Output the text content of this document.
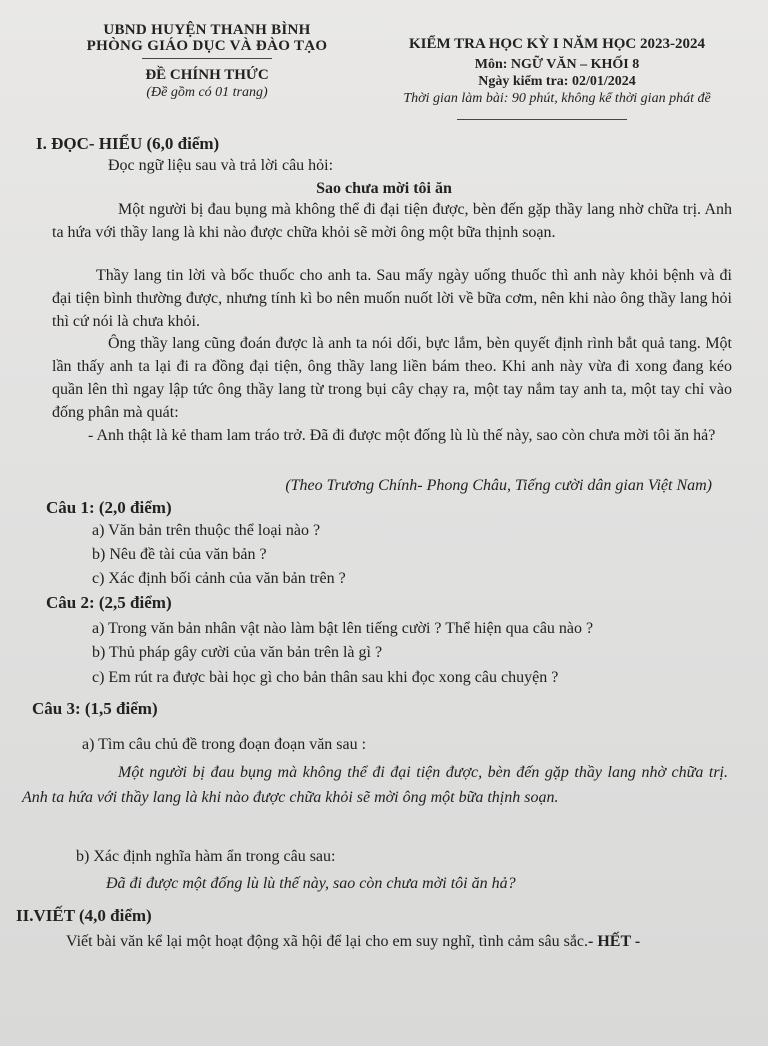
UBND HUYỆN THANH BÌNH
PHÒNG GIÁO DỤC VÀ ĐÀO TẠO
ĐỀ CHÍNH THỨC
(Đề gồm có 01 trang)
KIỂM TRA HỌC KỲ I NĂM HỌC 2023-2024
Môn: NGỮ VĂN – KHỐI 8
Ngày kiểm tra: 02/01/2024
Thời gian làm bài: 90 phút, không kể thời gian phát đề
I. ĐỌC- HIỂU (6,0 điểm)
Đọc ngữ liệu sau và trả lời câu hỏi:
Sao chưa mời tôi ăn
Một người bị đau bụng mà không thể đi đại tiện được, bèn đến gặp thầy lang nhờ chữa trị. Anh ta hứa với thầy lang là khi nào được chữa khỏi sẽ mời ông một bữa thịnh soạn.
Thầy lang tin lời và bốc thuốc cho anh ta. Sau mấy ngày uống thuốc thì anh này khỏi bệnh và đi đại tiện bình thường được, nhưng tính kì bo nên muốn nuốt lời về bữa cơm, nên khi nào ông thầy lang hỏi thì cứ nói là chưa khỏi.
Ông thầy lang cũng đoán được là anh ta nói dối, bực lắm, bèn quyết định rình bắt quả tang. Một lần thấy anh ta lại đi ra đồng đại tiện, ông thầy lang liền bám theo. Khi anh này vừa đi xong đang kéo quần lên thì ngay lập tức ông thầy lang từ trong bụi cây chạy ra, một tay nắm tay anh ta, một tay chỉ vào đống phân mà quát:
- Anh thật là kẻ tham lam tráo trở. Đã đi được một đống lù lù thế này, sao còn chưa mời tôi ăn hả?
(Theo Trương Chính- Phong Châu, Tiếng cười dân gian Việt Nam)
Câu 1: (2,0 điểm)
a) Văn bản trên thuộc thể loại nào ?
b) Nêu đề tài của văn bản ?
c) Xác định bối cảnh của văn bản trên ?
Câu 2: (2,5 điểm)
a) Trong văn bản nhân vật nào làm bật lên tiếng cười ? Thể hiện qua câu nào ?
b) Thủ pháp gây cười của văn bản trên là gì ?
c) Em rút ra được bài học gì cho bản thân sau khi đọc xong câu chuyện ?
Câu 3: (1,5 điểm)
a) Tìm câu chủ đề trong đoạn đoạn văn sau :
Một người bị đau bụng mà không thể đi đại tiện được, bèn đến gặp thầy lang nhờ chữa trị. Anh ta hứa với thầy lang là khi nào được chữa khỏi sẽ mời ông một bữa thịnh soạn.
b) Xác định nghĩa hàm ẩn trong câu sau:
Đã đi được một đống lù lù thế này, sao còn chưa mời tôi ăn hả?
II.VIẾT (4,0 điểm)
Viết bài văn kể lại một hoạt động xã hội để lại cho em suy nghĩ, tình cảm sâu sắc.- HẾT -
